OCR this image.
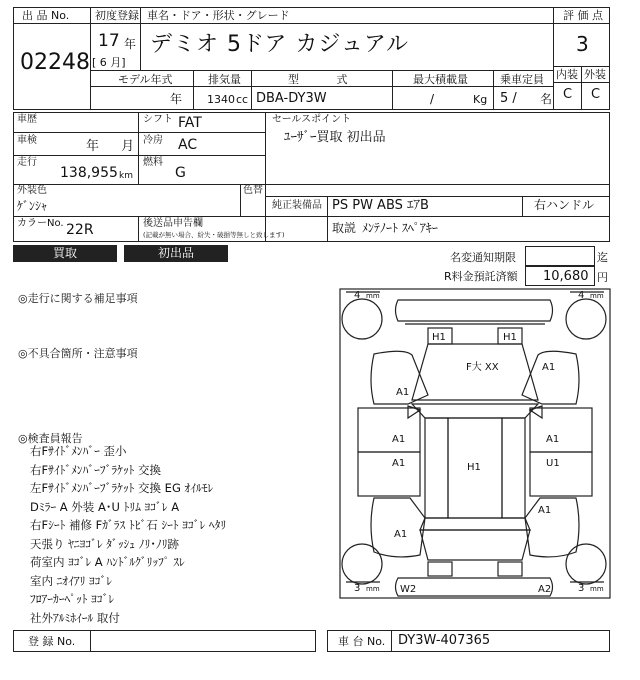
出 品 No.
02248
初度登録 車名・ドア・形状・グレード
17 年
[ 6 月]
デミオ 5ドア カジュアル
評 価 点
3
内装 外装
C C
モデル年式	排気量	型 式	最大積載量	乗車定員
年 1340 cc DBA-DY3W	/	Kg 5 / 名
車歴	シフト FAT
車検	年 月 冷房 AC
走行
138,955 km
燃料
G
セールスポイント
ﾕｰｻﾞｰ買取 初出品
外装色
ｹﾞﾝｼｬ
色替
純正装備品 PS PW ABS ｴｱB	右ハンドル
カラーNo. 22R	後送品申告欄
(記載が無い場合、紛失・破損等無しと致します)	取説 ﾒﾝﾃﾉｰﾄ ｽﾍﾟｱｷｰ
買取	初出品	名変通知期限	迄
R料金預託済額 10,680 円
◎走行に関する補足事項
◎不具合箇所・注意事項
◎検査員報告
右Fｻｲﾄﾞﾒﾝﾊﾞｰ 歪小
右Fｻｲﾄﾞﾒﾝﾊﾞｰﾌﾞﾗｹｯﾄ 交換
左Fｻｲﾄﾞﾒﾝﾊﾞｰﾌﾞﾗｹｯﾄ 交換 EG ｵｲﾙﾓﾚ
Dﾐﾗｰ A 外装 A･U ﾄﾘﾑ ﾖｺﾞﾚ A
右Fｼｰﾄ 補修 Fｶﾞﾗｽ ﾄﾋﾞ石 ｼｰﾄ ﾖｺﾞﾚ ﾍﾀﾘ
天張り ﾔﾆﾖｺﾞﾚ ﾀﾞｯｼｭ ﾉﾘ･ﾉﾘ跡
荷室内 ﾖｺﾞﾚ A ﾊﾝﾄﾞﾙｸﾞﾘｯﾌﾟ ｽﾚ
室内 ﾆｵｲｱﾘ ﾖｺﾞﾚ
ﾌﾛｱｰｶｰﾍﾟｯﾄ ﾖｺﾞﾚ
社外ｱﾙﾐﾎｲｰﾙ 取付
4 mm	4 mm
3 mm	3 mm
H1	H1
F大 XX
A1
A1
A1	A1
A1	U1
H1
A1
A1
W2	A2
登 録 No.	車 台 No. DY3W-407365
